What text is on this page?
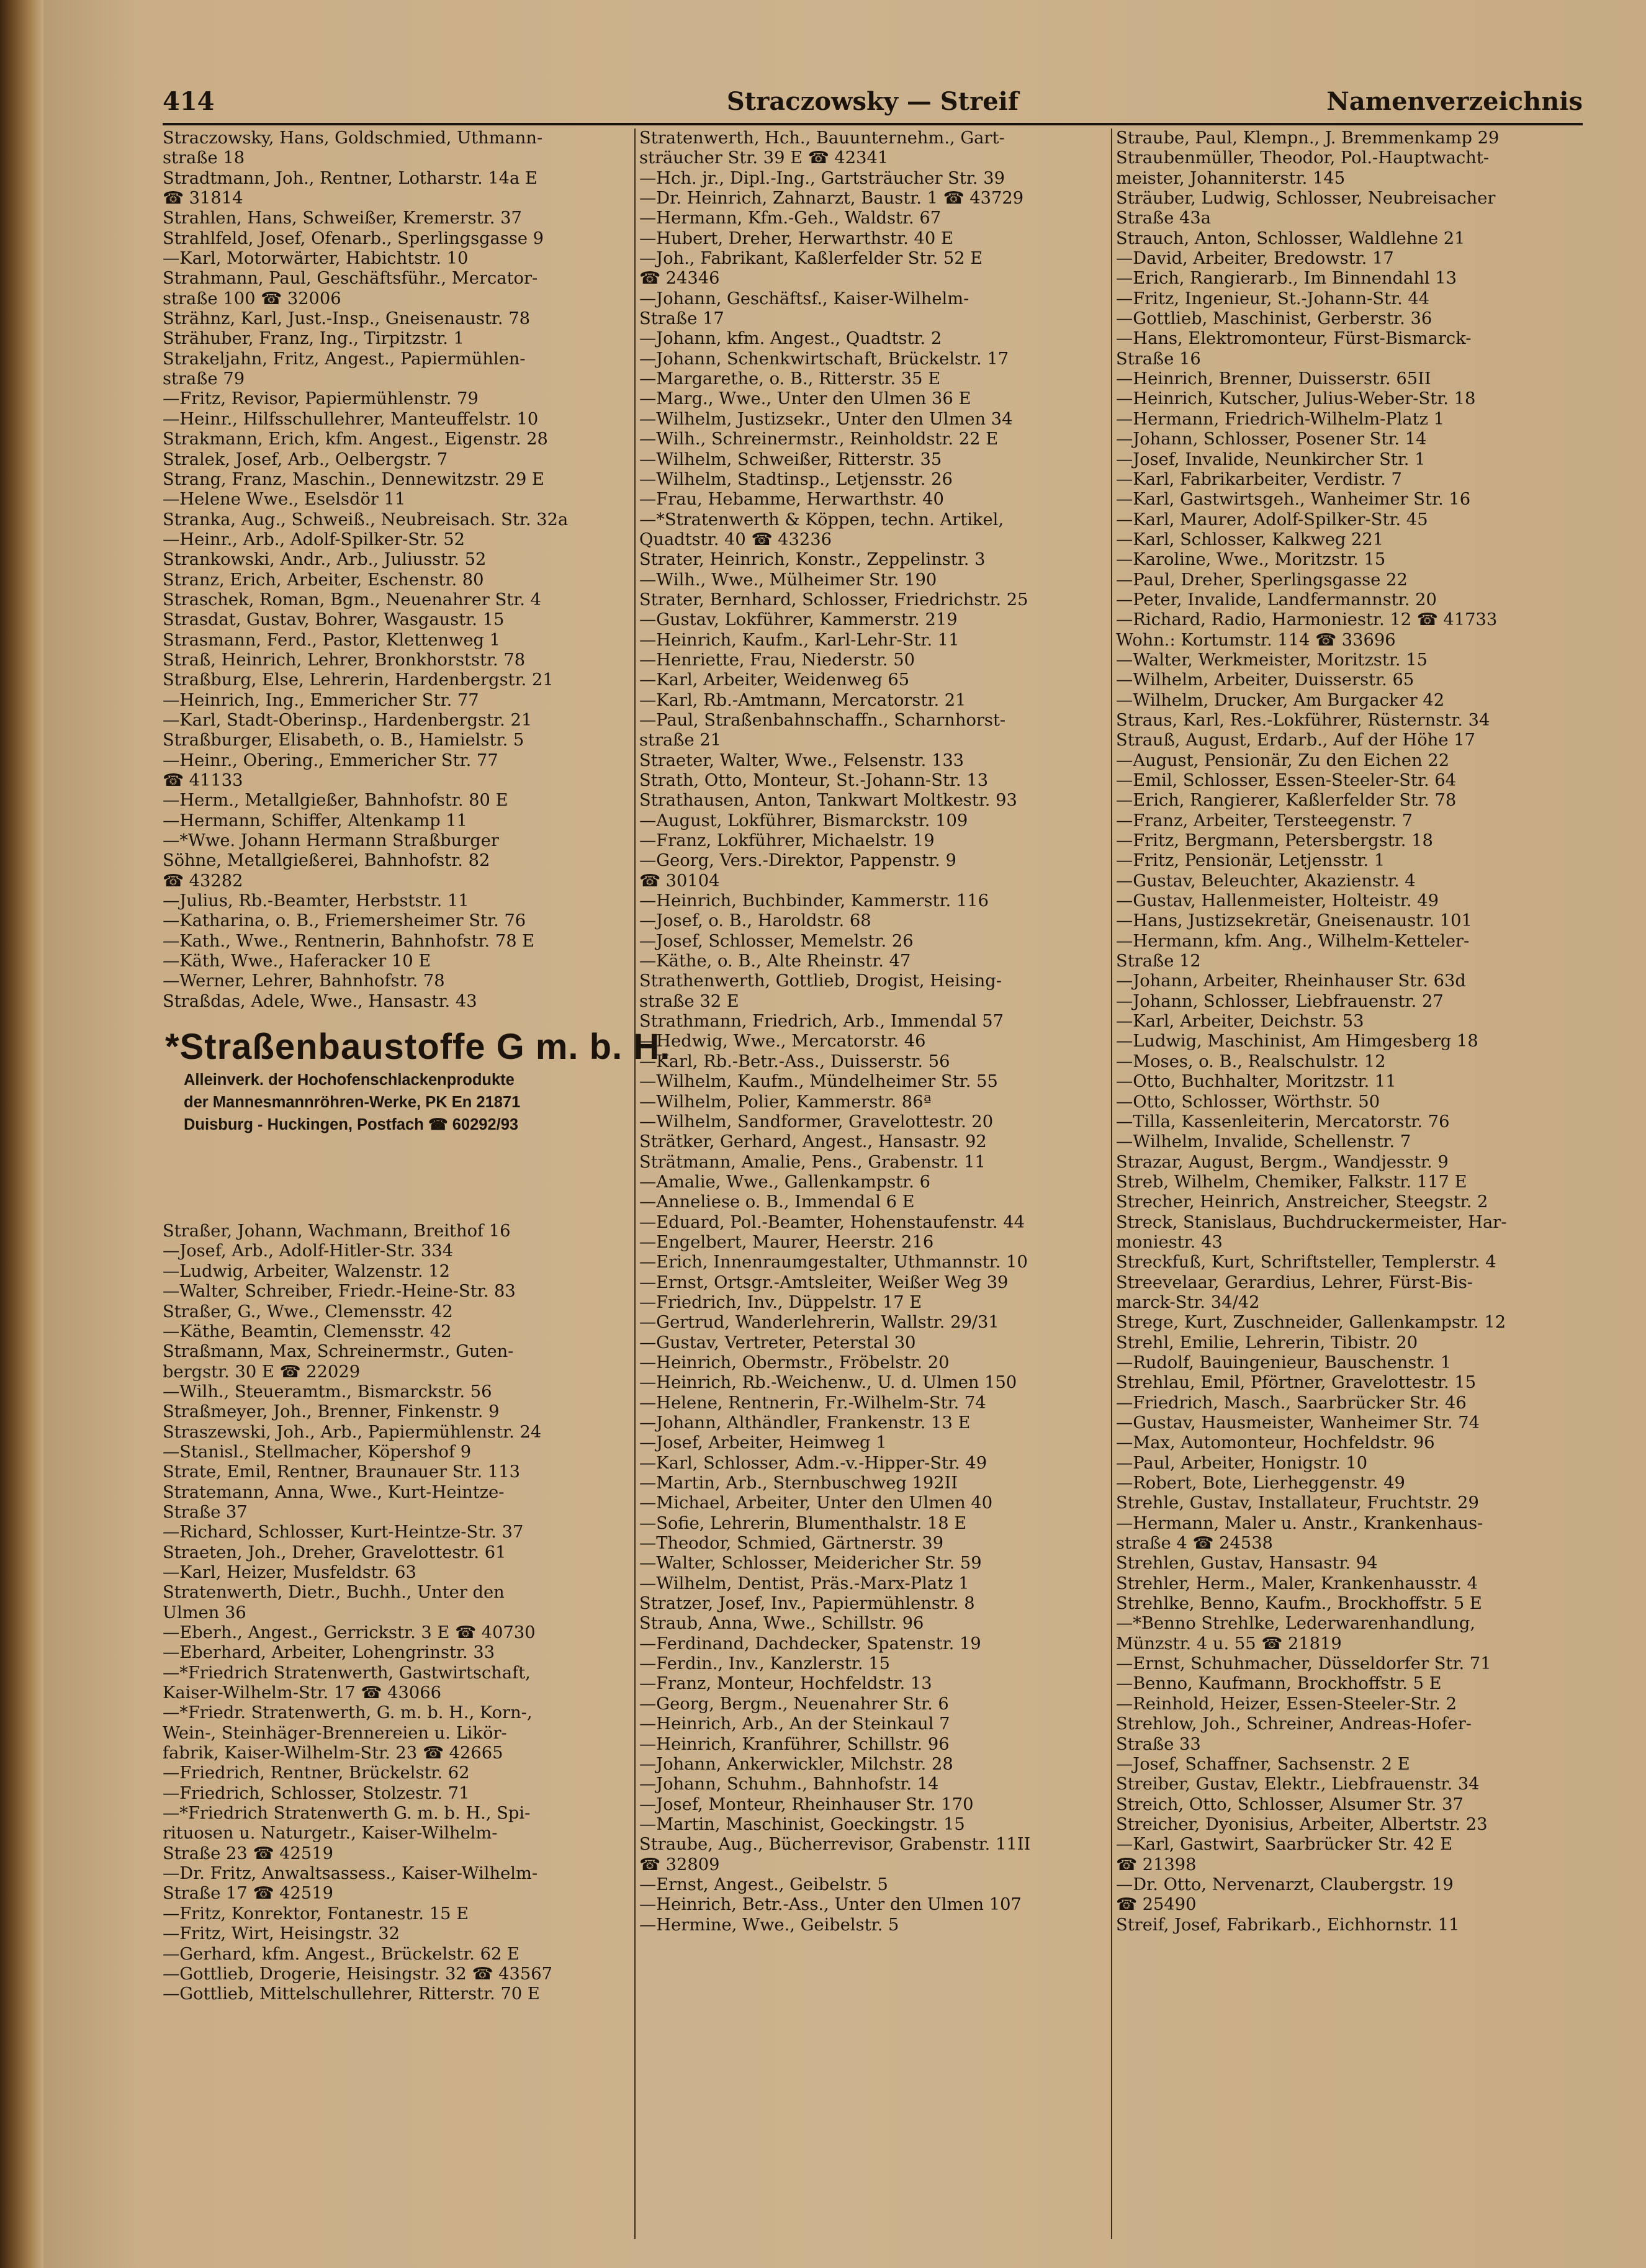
414	Straczowsky — Streif	Namenverzeichnis
Straczowsky, Hans, Goldschmied, Uthmann-
straße 18
Stradtmann, Joh., Rentner, Lotharstr. 14a E
☎ 31814
Strahlen, Hans, Schweißer, Kremerstr. 37
Strahlfeld, Josef, Ofenarb., Sperlingsgasse 9
—Karl, Motorwärter, Habichtstr. 10
Strahmann, Paul, Geschäftsführ., Mercator-
straße 100 ☎ 32006
Strähnz, Karl, Just.-Insp., Gneisenaustr. 78
Strähuber, Franz, Ing., Tirpitzstr. 1
Strakeljahn, Fritz, Angest., Papiermühlen-
straße 79
—Fritz, Revisor, Papiermühlenstr. 79
—Heinr., Hilfsschullehrer, Manteuffelstr. 10
Strakmann, Erich, kfm. Angest., Eigenstr. 28
Stralek, Josef, Arb., Oelbergstr. 7
Strang, Franz, Maschin., Dennewitzstr. 29 E
—Helene Wwe., Eselsdör 11
Stranka, Aug., Schweiß., Neubreisach. Str. 32a
—Heinr., Arb., Adolf-Spilker-Str. 52
Strankowski, Andr., Arb., Juliusstr. 52
Stranz, Erich, Arbeiter, Eschenstr. 80
Straschek, Roman, Bgm., Neuenahrer Str. 4
Strasdat, Gustav, Bohrer, Wasgaustr. 15
Strasmann, Ferd., Pastor, Klettenweg 1
Straß, Heinrich, Lehrer, Bronkhorststr. 78
Straßburg, Else, Lehrerin, Hardenbergstr. 21
—Heinrich, Ing., Emmericher Str. 77
—Karl, Stadt-Oberinsp., Hardenbergstr. 21
Straßburger, Elisabeth, o. B., Hamielstr. 5
—Heinr., Obering., Emmericher Str. 77
☎ 41133
—Herm., Metallgießer, Bahnhofstr. 80 E
—Hermann, Schiffer, Altenkamp 11
—*Wwe. Johann Hermann Straßburger
Söhne, Metallgießerei, Bahnhofstr. 82
☎ 43282
—Julius, Rb.-Beamter, Herbststr. 11
—Katharina, o. B., Friemersheimer Str. 76
—Kath., Wwe., Rentnerin, Bahnhofstr. 78 E
—Käth, Wwe., Haferacker 10 E
—Werner, Lehrer, Bahnhofstr. 78
Straßdas, Adele, Wwe., Hansastr. 43
*Straßenbaustoffe G m. b. H.
Alleinverk. der Hochofenschlackenprodukte
der Mannesmannröhren-Werke, PK En 21871
Duisburg - Huckingen, Postfach ☎ 60292/93
Straßer, Johann, Wachmann, Breithof 16
—Josef, Arb., Adolf-Hitler-Str. 334
—Ludwig, Arbeiter, Walzenstr. 12
—Walter, Schreiber, Friedr.-Heine-Str. 83
Straßer, G., Wwe., Clemensstr. 42
—Käthe, Beamtin, Clemensstr. 42
Straßmann, Max, Schreinermstr., Guten-
bergstr. 30 E ☎ 22029
—Wilh., Steueramtm., Bismarckstr. 56
Straßmeyer, Joh., Brenner, Finkenstr. 9
Straszewski, Joh., Arb., Papiermühlenstr. 24
—Stanisl., Stellmacher, Köpershof 9
Strate, Emil, Rentner, Braunauer Str. 113
Stratemann, Anna, Wwe., Kurt-Heintze-
Straße 37
—Richard, Schlosser, Kurt-Heintze-Str. 37
Straeten, Joh., Dreher, Gravelottestr. 61
—Karl, Heizer, Musfeldstr. 63
Stratenwerth, Dietr., Buchh., Unter den
Ulmen 36
—Eberh., Angest., Gerrickstr. 3 E ☎ 40730
—Eberhard, Arbeiter, Lohengrinstr. 33
—*Friedrich Stratenwerth, Gastwirtschaft,
Kaiser-Wilhelm-Str. 17 ☎ 43066
—*Friedr. Stratenwerth, G. m. b. H., Korn-,
Wein-, Steinhäger-Brennereien u. Likör-
fabrik, Kaiser-Wilhelm-Str. 23 ☎ 42665
—Friedrich, Rentner, Brückelstr. 62
—Friedrich, Schlosser, Stolzestr. 71
—*Friedrich Stratenwerth G. m. b. H., Spi-
rituosen u. Naturgetr., Kaiser-Wilhelm-
Straße 23 ☎ 42519
—Dr. Fritz, Anwaltsassess., Kaiser-Wilhelm-
Straße 17 ☎ 42519
—Fritz, Konrektor, Fontanestr. 15 E
—Fritz, Wirt, Heisingstr. 32
—Gerhard, kfm. Angest., Brückelstr. 62 E
—Gottlieb, Drogerie, Heisingstr. 32 ☎ 43567
—Gottlieb, Mittelschullehrer, Ritterstr. 70 E
Stratenwerth, Hch., Bauunternehm., Gart-
sträucher Str. 39 E ☎ 42341
—Hch. jr., Dipl.-Ing., Gartsträucher Str. 39
—Dr. Heinrich, Zahnarzt, Baustr. 1 ☎ 43729
—Hermann, Kfm.-Geh., Waldstr. 67
—Hubert, Dreher, Herwarthstr. 40 E
—Joh., Fabrikant, Kaßlerfelder Str. 52 E
☎ 24346
—Johann, Geschäftsf., Kaiser-Wilhelm-
Straße 17
—Johann, kfm. Angest., Quadtstr. 2
—Johann, Schenkwirtschaft, Brückelstr. 17
—Margarethe, o. B., Ritterstr. 35 E
—Marg., Wwe., Unter den Ulmen 36 E
—Wilhelm, Justizsekr., Unter den Ulmen 34
—Wilh., Schreinermstr., Reinholdstr. 22 E
—Wilhelm, Schweißer, Ritterstr. 35
—Wilhelm, Stadtinsp., Letjensstr. 26
—Frau, Hebamme, Herwarthstr. 40
—*Stratenwerth & Köppen, techn. Artikel,
Quadtstr. 40 ☎ 43236
Strater, Heinrich, Konstr., Zeppelinstr. 3
—Wilh., Wwe., Mülheimer Str. 190
Strater, Bernhard, Schlosser, Friedrichstr. 25
—Gustav, Lokführer, Kammerstr. 219
—Heinrich, Kaufm., Karl-Lehr-Str. 11
—Henriette, Frau, Niederstr. 50
—Karl, Arbeiter, Weidenweg 65
—Karl, Rb.-Amtmann, Mercatorstr. 21
—Paul, Straßenbahnschaffn., Scharnhorst-
straße 21
Straeter, Walter, Wwe., Felsenstr. 133
Strath, Otto, Monteur, St.-Johann-Str. 13
Strathausen, Anton, Tankwart Moltkestr. 93
—August, Lokführer, Bismarckstr. 109
—Franz, Lokführer, Michaelstr. 19
—Georg, Vers.-Direktor, Pappenstr. 9
☎ 30104
—Heinrich, Buchbinder, Kammerstr. 116
—Josef, o. B., Haroldstr. 68
—Josef, Schlosser, Memelstr. 26
—Käthe, o. B., Alte Rheinstr. 47
Strathenwerth, Gottlieb, Drogist, Heising-
straße 32 E
Strathmann, Friedrich, Arb., Immendal 57
—Hedwig, Wwe., Mercatorstr. 46
—Karl, Rb.-Betr.-Ass., Duisserstr. 56
—Wilhelm, Kaufm., Mündelheimer Str. 55
—Wilhelm, Polier, Kammerstr. 86ª
—Wilhelm, Sandformer, Gravelottestr. 20
Strätker, Gerhard, Angest., Hansastr. 92
Strätmann, Amalie, Pens., Grabenstr. 11
—Amalie, Wwe., Gallenkampstr. 6
—Anneliese o. B., Immendal 6 E
—Eduard, Pol.-Beamter, Hohenstaufenstr. 44
—Engelbert, Maurer, Heerstr. 216
—Erich, Innenraumgestalter, Uthmannstr. 10
—Ernst, Ortsgr.-Amtsleiter, Weißer Weg 39
—Friedrich, Inv., Düppelstr. 17 E
—Gertrud, Wanderlehrerin, Wallstr. 29/31
—Gustav, Vertreter, Peterstal 30
—Heinrich, Obermstr., Fröbelstr. 20
—Heinrich, Rb.-Weichenw., U. d. Ulmen 150
—Helene, Rentnerin, Fr.-Wilhelm-Str. 74
—Johann, Althändler, Frankenstr. 13 E
—Josef, Arbeiter, Heimweg 1
—Karl, Schlosser, Adm.-v.-Hipper-Str. 49
—Martin, Arb., Sternbuschweg 192II
—Michael, Arbeiter, Unter den Ulmen 40
—Sofie, Lehrerin, Blumenthalstr. 18 E
—Theodor, Schmied, Gärtnerstr. 39
—Walter, Schlosser, Meidericher Str. 59
—Wilhelm, Dentist, Präs.-Marx-Platz 1
Stratzer, Josef, Inv., Papiermühlenstr. 8
Straub, Anna, Wwe., Schillstr. 96
—Ferdinand, Dachdecker, Spatenstr. 19
—Ferdin., Inv., Kanzlerstr. 15
—Franz, Monteur, Hochfeldstr. 13
—Georg, Bergm., Neuenahrer Str. 6
—Heinrich, Arb., An der Steinkaul 7
—Heinrich, Kranführer, Schillstr. 96
—Johann, Ankerwickler, Milchstr. 28
—Johann, Schuhm., Bahnhofstr. 14
—Josef, Monteur, Rheinhauser Str. 170
—Martin, Maschinist, Goeckingstr. 15
Straube, Aug., Bücherrevisor, Grabenstr. 11II
☎ 32809
—Ernst, Angest., Geibelstr. 5
—Heinrich, Betr.-Ass., Unter den Ulmen 107
—Hermine, Wwe., Geibelstr. 5
Straube, Paul, Klempn., J. Bremmenkamp 29
Straubenmüller, Theodor, Pol.-Hauptwacht-
meister, Johanniterstr. 145
Sträuber, Ludwig, Schlosser, Neubreisacher
Straße 43a
Strauch, Anton, Schlosser, Waldlehne 21
—David, Arbeiter, Bredowstr. 17
—Erich, Rangierarb., Im Binnendahl 13
—Fritz, Ingenieur, St.-Johann-Str. 44
—Gottlieb, Maschinist, Gerberstr. 36
—Hans, Elektromonteur, Fürst-Bismarck-
Straße 16
—Heinrich, Brenner, Duisserstr. 65II
—Heinrich, Kutscher, Julius-Weber-Str. 18
—Hermann, Friedrich-Wilhelm-Platz 1
—Johann, Schlosser, Posener Str. 14
—Josef, Invalide, Neunkircher Str. 1
—Karl, Fabrikarbeiter, Verdistr. 7
—Karl, Gastwirtsgeh., Wanheimer Str. 16
—Karl, Maurer, Adolf-Spilker-Str. 45
—Karl, Schlosser, Kalkweg 221
—Karoline, Wwe., Moritzstr. 15
—Paul, Dreher, Sperlingsgasse 22
—Peter, Invalide, Landfermannstr. 20
—Richard, Radio, Harmoniestr. 12 ☎ 41733
Wohn.: Kortumstr. 114 ☎ 33696
—Walter, Werkmeister, Moritzstr. 15
—Wilhelm, Arbeiter, Duisserstr. 65
—Wilhelm, Drucker, Am Burgacker 42
Straus, Karl, Res.-Lokführer, Rüsternstr. 34
Strauß, August, Erdarb., Auf der Höhe 17
—August, Pensionär, Zu den Eichen 22
—Emil, Schlosser, Essen-Steeler-Str. 64
—Erich, Rangierer, Kaßlerfelder Str. 78
—Franz, Arbeiter, Tersteegenstr. 7
—Fritz, Bergmann, Petersbergstr. 18
—Fritz, Pensionär, Letjensstr. 1
—Gustav, Beleuchter, Akazienstr. 4
—Gustav, Hallenmeister, Holteistr. 49
—Hans, Justizsekretär, Gneisenaustr. 101
—Hermann, kfm. Ang., Wilhelm-Ketteler-
Straße 12
—Johann, Arbeiter, Rheinhauser Str. 63d
—Johann, Schlosser, Liebfrauenstr. 27
—Karl, Arbeiter, Deichstr. 53
—Ludwig, Maschinist, Am Himgesberg 18
—Moses, o. B., Realschulstr. 12
—Otto, Buchhalter, Moritzstr. 11
—Otto, Schlosser, Wörthstr. 50
—Tilla, Kassenleiterin, Mercatorstr. 76
—Wilhelm, Invalide, Schellenstr. 7
Strazar, August, Bergm., Wandjesstr. 9
Streb, Wilhelm, Chemiker, Falkstr. 117 E
Strecher, Heinrich, Anstreicher, Steegstr. 2
Streck, Stanislaus, Buchdruckermeister, Har-
moniestr. 43
Streckfuß, Kurt, Schriftsteller, Templerstr. 4
Streevelaar, Gerardius, Lehrer, Fürst-Bis-
marck-Str. 34/42
Strege, Kurt, Zuschneider, Gallenkampstr. 12
Strehl, Emilie, Lehrerin, Tibistr. 20
—Rudolf, Bauingenieur, Bauschenstr. 1
Strehlau, Emil, Pförtner, Gravelottestr. 15
—Friedrich, Masch., Saarbrücker Str. 46
—Gustav, Hausmeister, Wanheimer Str. 74
—Max, Automonteur, Hochfeldstr. 96
—Paul, Arbeiter, Honigstr. 10
—Robert, Bote, Lierheggenstr. 49
Strehle, Gustav, Installateur, Fruchtstr. 29
—Hermann, Maler u. Anstr., Krankenhaus-
straße 4 ☎ 24538
Strehlen, Gustav, Hansastr. 94
Strehler, Herm., Maler, Krankenhausstr. 4
Strehlke, Benno, Kaufm., Brockhoffstr. 5 E
—*Benno Strehlke, Lederwarenhandlung,
Münzstr. 4 u. 55 ☎ 21819
—Ernst, Schuhmacher, Düsseldorfer Str. 71
—Benno, Kaufmann, Brockhoffstr. 5 E
—Reinhold, Heizer, Essen-Steeler-Str. 2
Strehlow, Joh., Schreiner, Andreas-Hofer-
Straße 33
—Josef, Schaffner, Sachsenstr. 2 E
Streiber, Gustav, Elektr., Liebfrauenstr. 34
Streich, Otto, Schlosser, Alsumer Str. 37
Streicher, Dyonisius, Arbeiter, Albertstr. 23
—Karl, Gastwirt, Saarbrücker Str. 42 E
☎ 21398
—Dr. Otto, Nervenarzt, Claubergstr. 19
☎ 25490
Streif, Josef, Fabrikarb., Eichhornstr. 11
